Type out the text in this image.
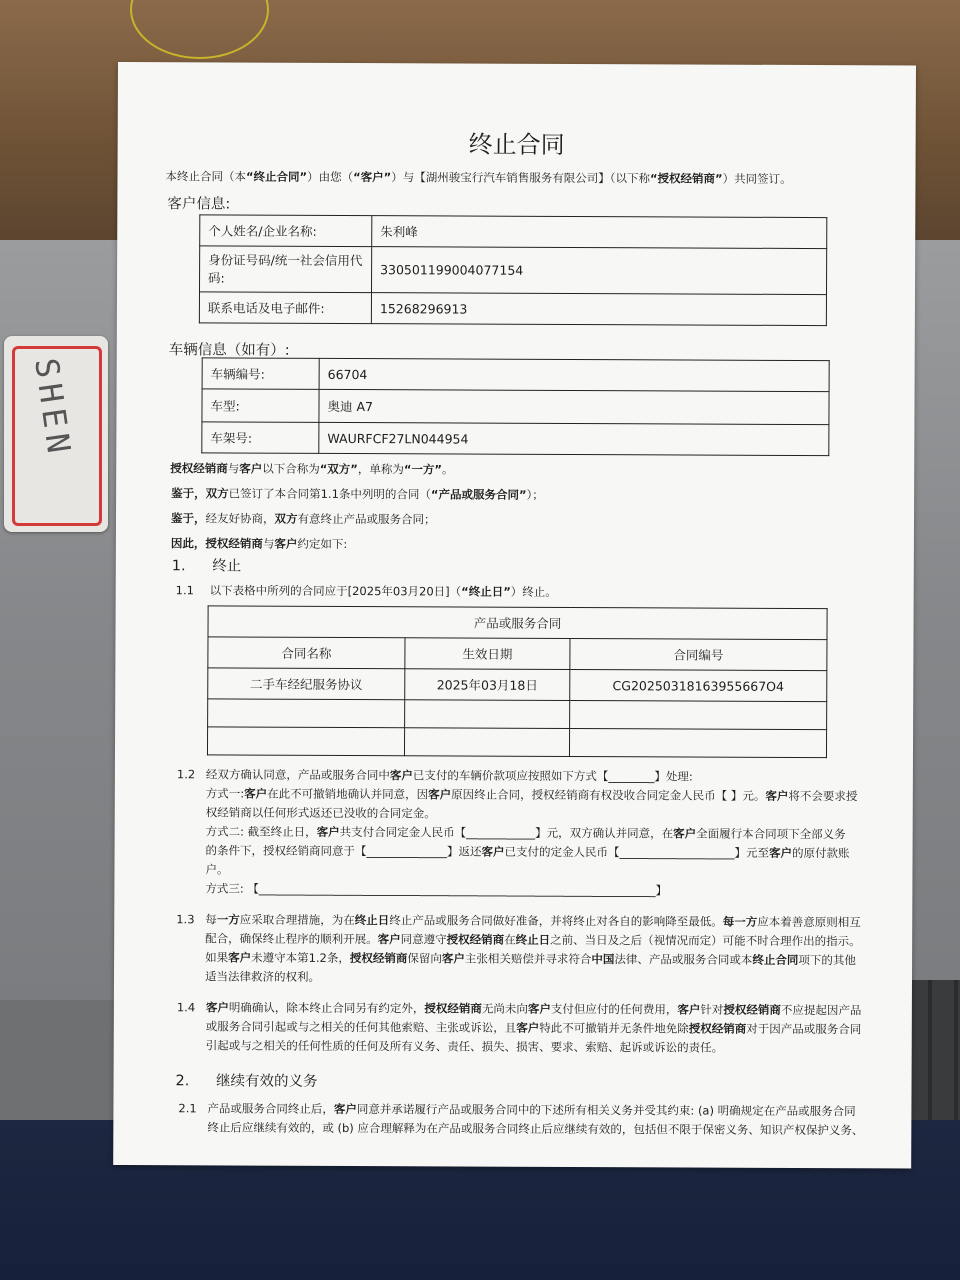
SHEN
终止合同
本终止合同（本“终止合同”）由您（“客户”）与【湖州骏宝行汽车销售服务有限公司】（以下称“授权经销商”）共同签订。
客户信息:
个人姓名/企业名称:	朱利峰
身份证号码/统一社会信用代码:	330501199004077154
联系电话及电子邮件:	15268296913
车辆信息（如有）:
车辆编号:	66704
车型:	奥迪 A7
车架号:	WAURFCF27LN044954
授权经销商与客户以下合称为“双方”，单称为“一方”。
鉴于，双方已签订了本合同第1.1条中列明的合同（“产品或服务合同”）；
鉴于，经友好协商，双方有意终止产品或服务合同；
因此，授权经销商与客户约定如下:
1. 终止
1.1 以下表格中所列的合同应于[2025年03月20日]（“终止日”）终止。
产品或服务合同		
合同名称	生效日期	合同编号
二手车经纪服务协议	2025年03月18日	CG20250318163955667O4

1.2 经双方确认同意，产品或服务合同中客户已支付的车辆价款项应按照如下方式【________】处理:
方式一:客户在此不可撤销地确认并同意，因客户原因终止合同，授权经销商有权没收合同定金人民币【 】元。客户将不会要求授
权经销商以任何形式返还已没收的合同定金。
方式二: 截至终止日，客户共支付合同定金人民币【____________】元，双方确认并同意，在客户全面履行本合同项下全部义务
的条件下，授权经销商同意于【______________】返还客户已支付的定金人民币【____________________】元至客户的原付款账
户。
方式三: 【_____________________________________________________________________】
1.3 每一方应采取合理措施，为在终止日终止产品或服务合同做好准备，并将终止对各自的影响降至最低。每一方应本着善意原则相互
配合，确保终止程序的顺利开展。客户同意遵守授权经销商在终止日之前、当日及之后（视情况而定）可能不时合理作出的指示。
如果客户未遵守本第1.2条，授权经销商保留向客户主张相关赔偿并寻求符合中国法律、产品或服务合同或本终止合同项下的其他
适当法律救济的权利。
1.4 客户明确确认，除本终止合同另有约定外，授权经销商无尚未向客户支付但应付的任何费用，客户针对授权经销商不应提起因产品
或服务合同引起或与之相关的任何其他索赔、主张或诉讼，且客户特此不可撤销并无条件地免除授权经销商对于因产品或服务合同
引起或与之相关的任何性质的任何及所有义务、责任、损失、损害、要求、索赔、起诉或诉讼的责任。
2. 继续有效的义务
2.1 产品或服务合同终止后，客户同意并承诺履行产品或服务合同中的下述所有相关义务并受其约束: (a) 明确规定在产品或服务合同
终止后应继续有效的，或 (b) 应合理解释为在产品或服务合同终止后应继续有效的，包括但不限于保密义务、知识产权保护义务、
